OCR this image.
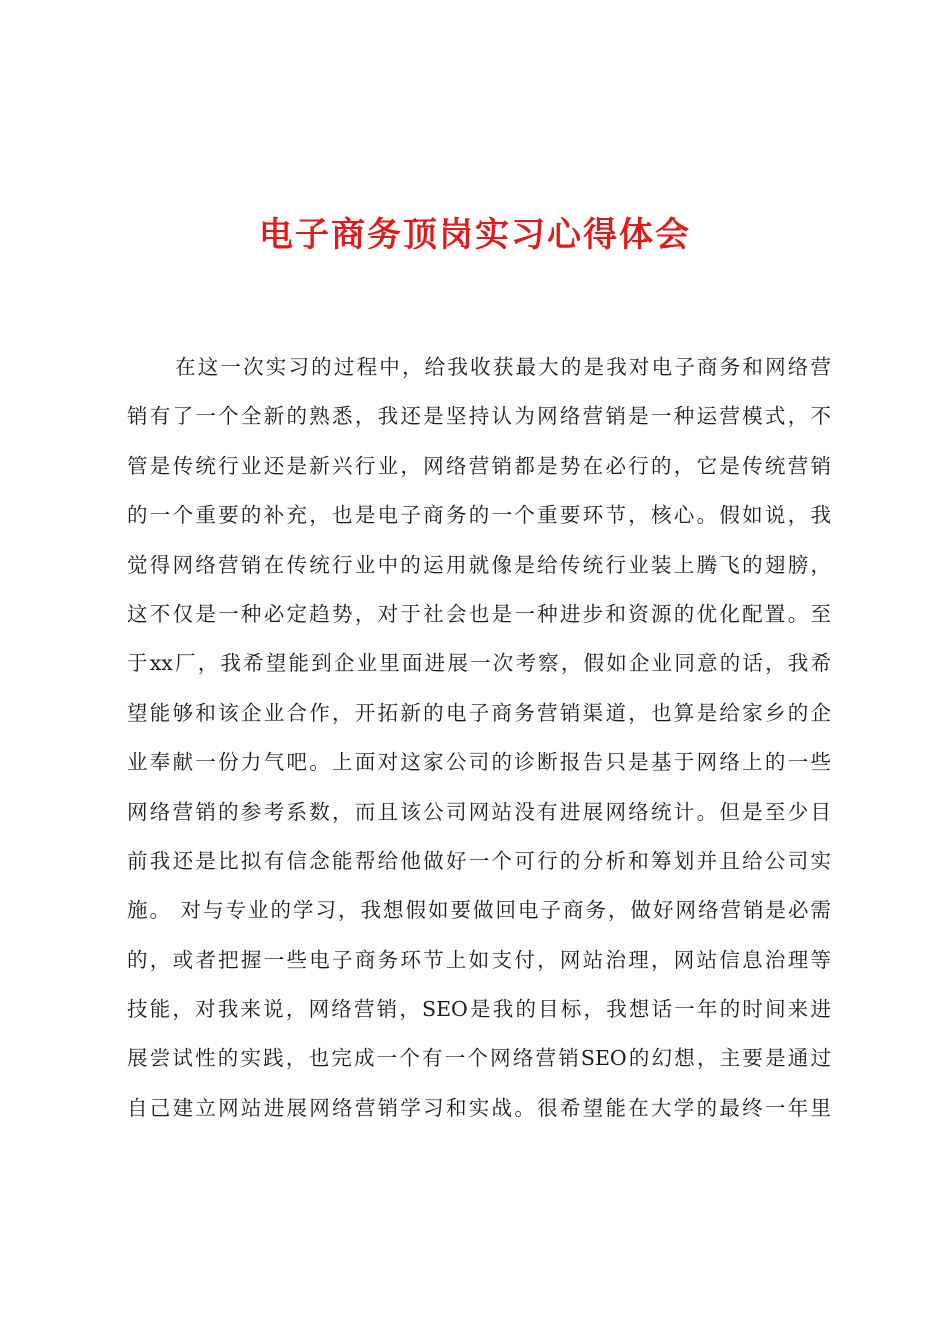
电子商务顶岗实习心得体会
在这一次实习的过程中，给我收获最大的是我对电子商务和网络营
销有了一个全新的熟悉，我还是坚持认为网络营销是一种运营模式，不
管是传统行业还是新兴行业，网络营销都是势在必行的，它是传统营销
的一个重要的补充，也是电子商务的一个重要环节，核心。假如说，我
觉得网络营销在传统行业中的运用就像是给传统行业装上腾飞的翅膀，
这不仅是一种必定趋势，对于社会也是一种进步和资源的优化配置。至
于xx厂，我希望能到企业里面进展一次考察，假如企业同意的话，我希
望能够和该企业合作，开拓新的电子商务营销渠道，也算是给家乡的企
业奉献一份力气吧。上面对这家公司的诊断报告只是基于网络上的一些
网络营销的参考系数，而且该公司网站没有进展网络统计。但是至少目
前我还是比拟有信念能帮给他做好一个可行的分析和筹划并且给公司实
施。 对与专业的学习，我想假如要做回电子商务，做好网络营销是必需
的，或者把握一些电子商务环节上如支付，网站治理，网站信息治理等
技能，对我来说，网络营销，SEO是我的目标，我想话一年的时间来进
展尝试性的实践，也完成一个有一个网络营销SEO的幻想，主要是通过
自己建立网站进展网络营销学习和实战。很希望能在大学的最终一年里
